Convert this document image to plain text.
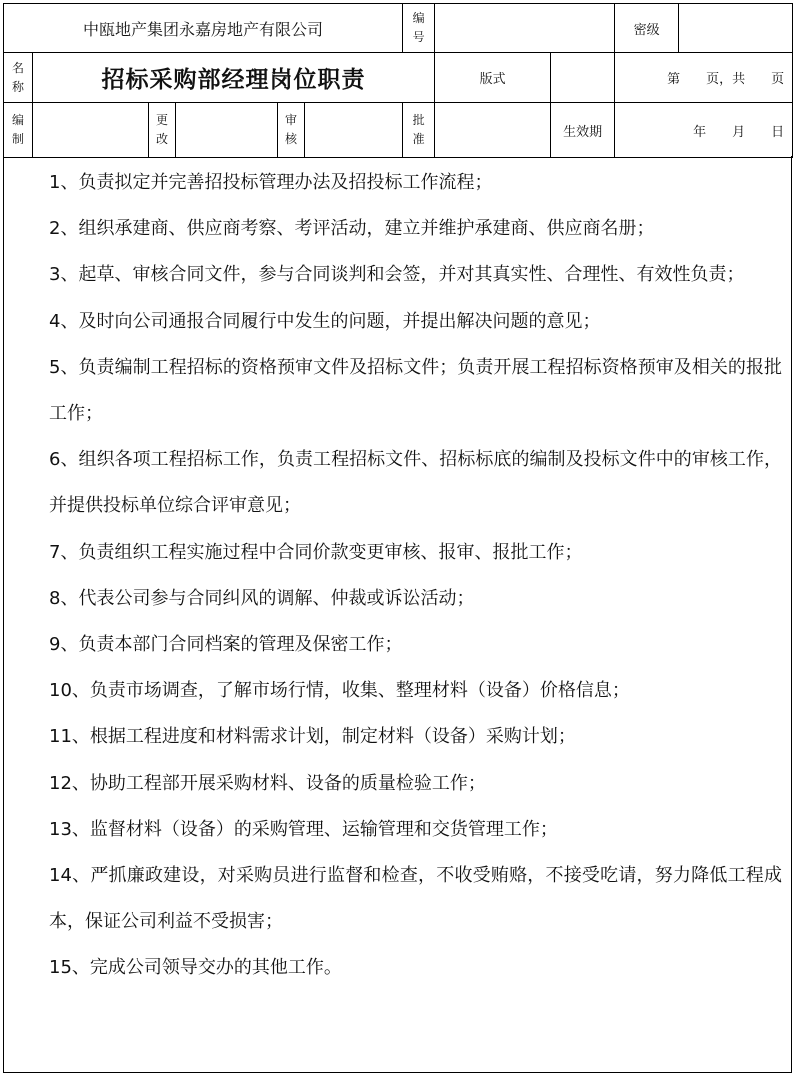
中瓯地产集团永嘉房地产有限公司						编号			密级	
名称	招标采购部经理岗位职责						版式		第　　页，共　　页	
编制		更改		审核		批准		生效期	年　　月　　日	

1、负责拟定并完善招投标管理办法及招投标工作流程；

2、组织承建商、供应商考察、考评活动，建立并维护承建商、供应商名册；

3、起草、审核合同文件，参与合同谈判和会签，并对其真实性、合理性、有效性负责；

4、及时向公司通报合同履行中发生的问题，并提出解决问题的意见；

5、负责编制工程招标的资格预审文件及招标文件；负责开展工程招标资格预审及相关的报批工作；

6、组织各项工程招标工作，负责工程招标文件、招标标底的编制及投标文件中的审核工作，并提供投标单位综合评审意见；

7、负责组织工程实施过程中合同价款变更审核、报审、报批工作；

8、代表公司参与合同纠风的调解、仲裁或诉讼活动；

9、负责本部门合同档案的管理及保密工作；

10、负责市场调查，了解市场行情，收集、整理材料（设备）价格信息；

11、根据工程进度和材料需求计划，制定材料（设备）采购计划；

12、协助工程部开展采购材料、设备的质量检验工作；

13、监督材料（设备）的采购管理、运输管理和交货管理工作；

14、严抓廉政建设，对采购员进行监督和检查，不收受贿赂，不接受吃请，努力降低工程成本，保证公司利益不受损害；

15、完成公司领导交办的其他工作。
